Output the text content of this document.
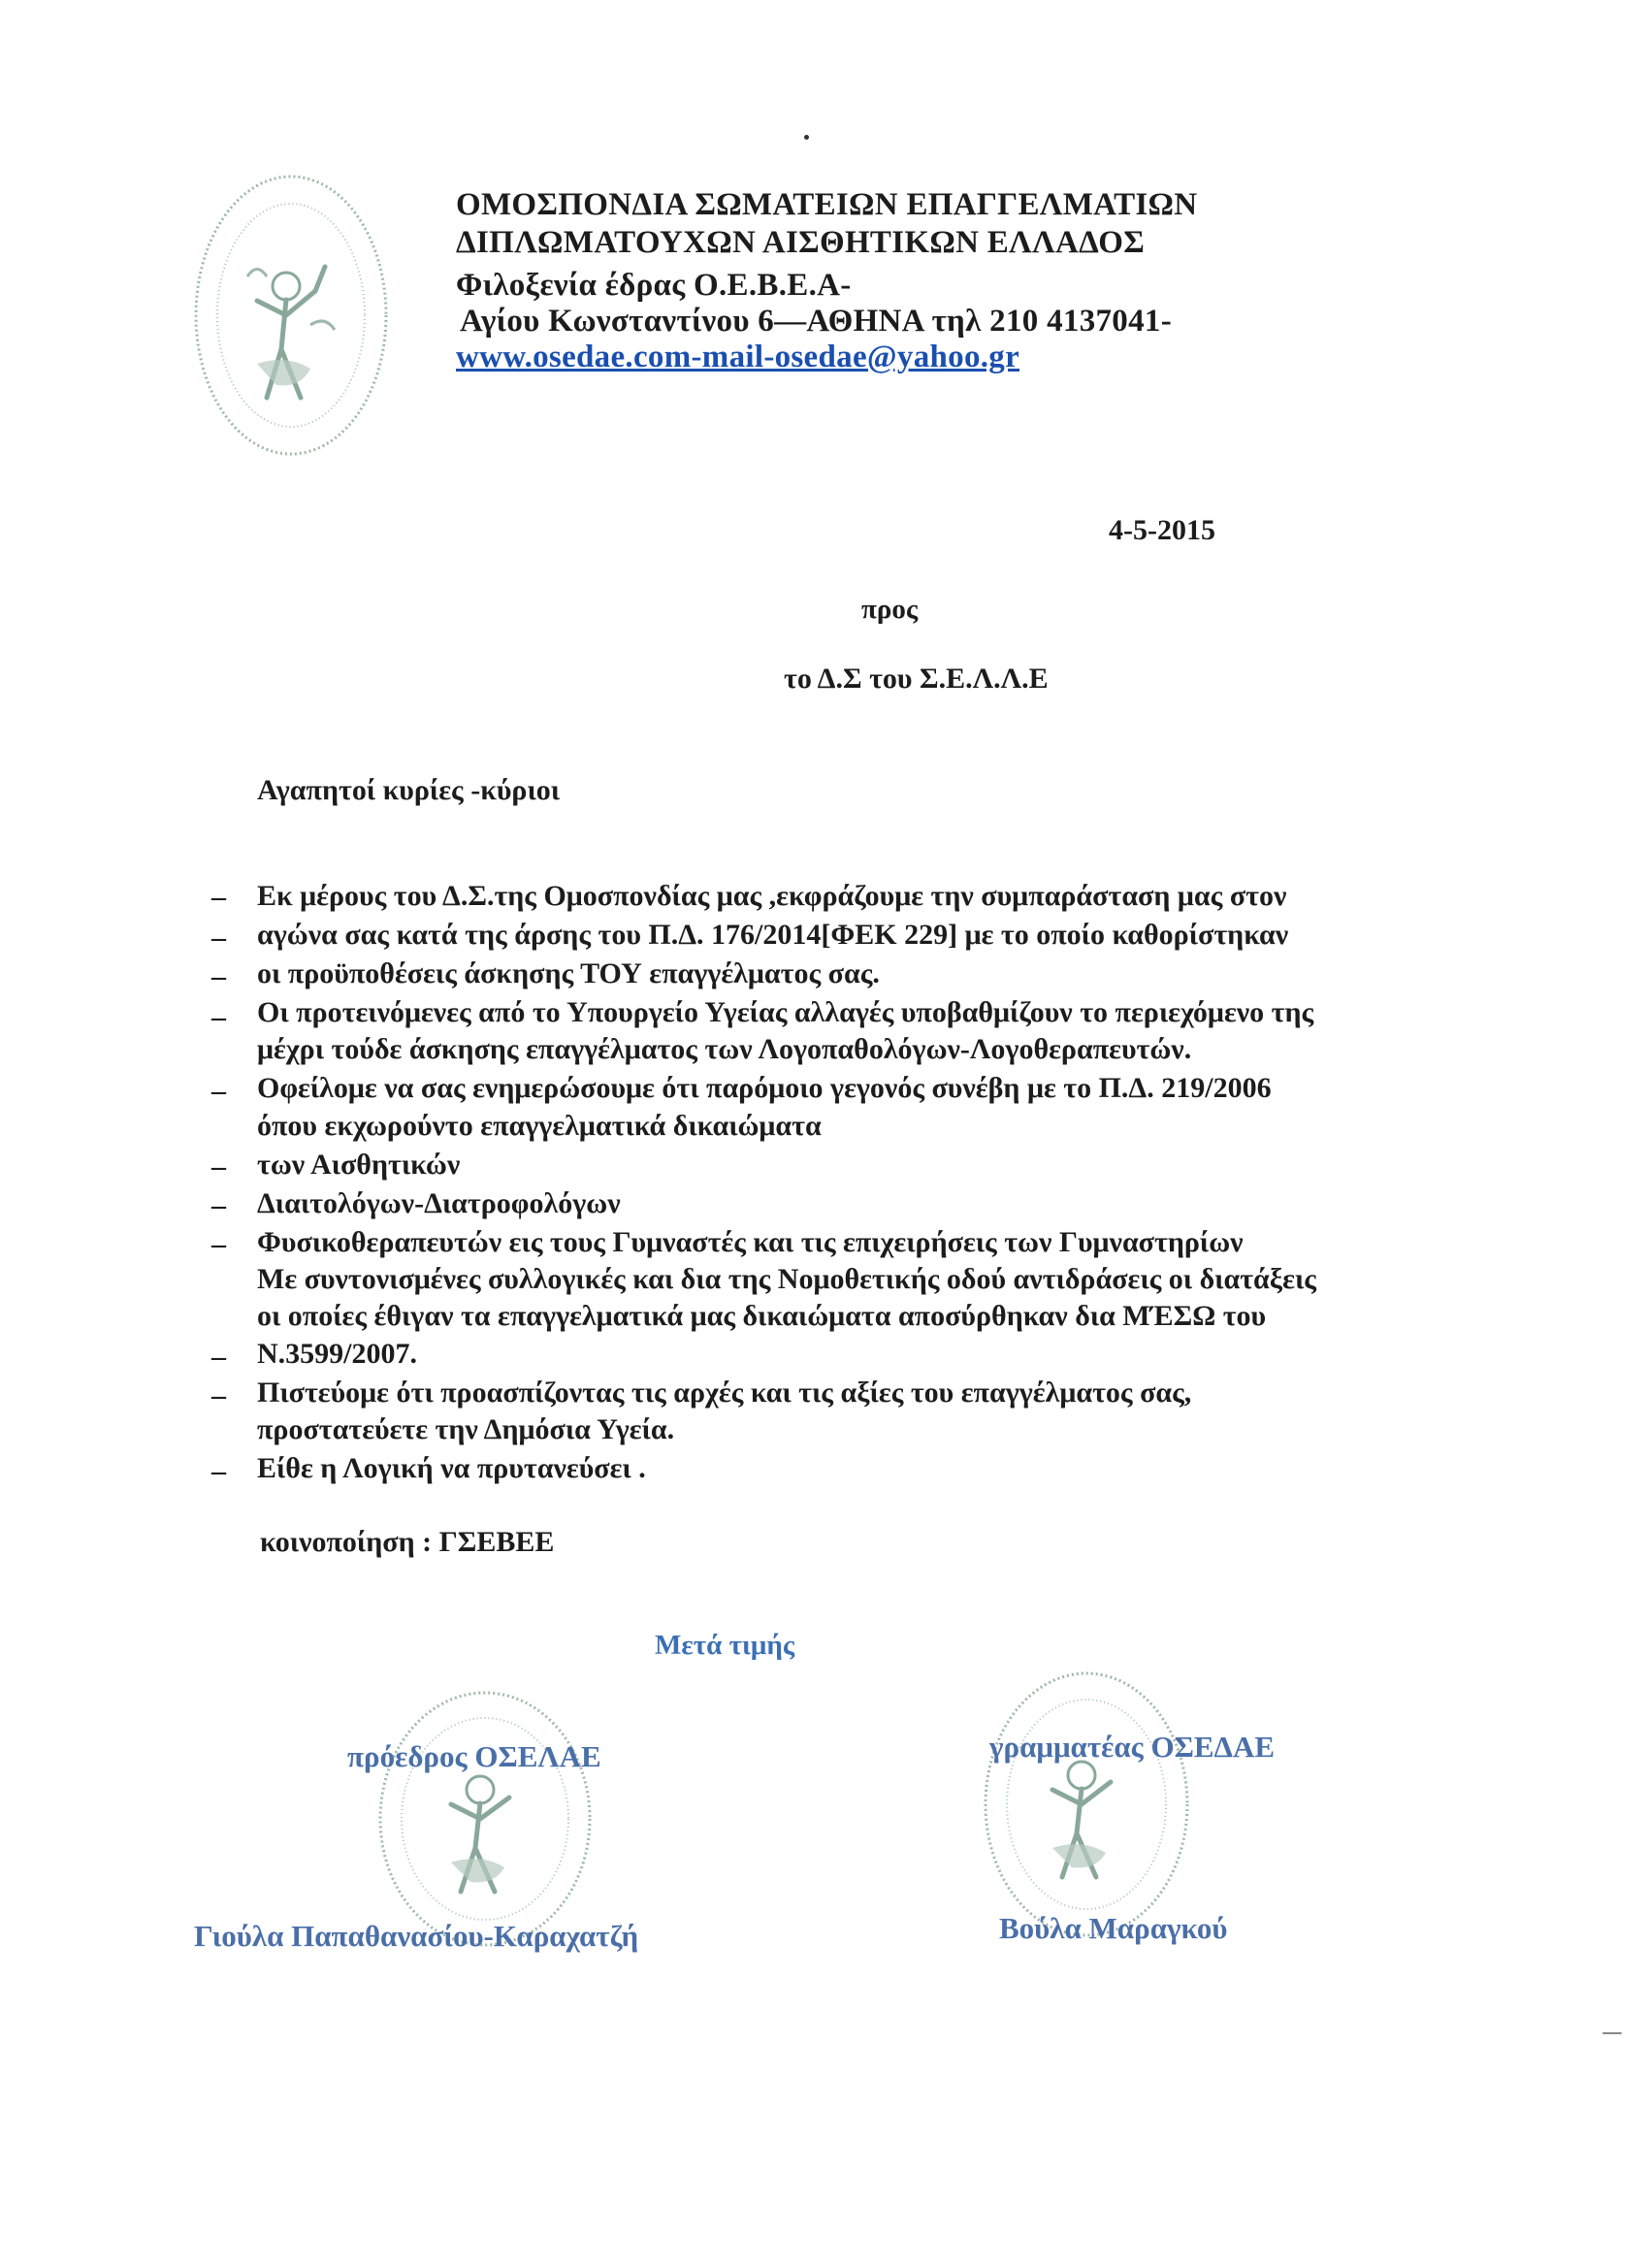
ΟΜΟΣΠΟΝΔΙΑ ΣΩΜΑΤΕΙΩΝ ΕΠΑΓΓΕΛΜΑΤΙΩΝ
ΔΙΠΛΩΜΑΤΟΥΧΩΝ ΑΙΣΘΗΤΙΚΩΝ ΕΛΛΑΔΟΣ
Φιλοξενία έδρας Ο.Ε.Β.Ε.Α-
Αγίου Κωνσταντίνου 6—ΑΘΗΝΑ τηλ 210 4137041-
www.osedae.com-mail-osedae@yahoo.gr
4-5-2015
προς
το Δ.Σ του Σ.Ε.Λ.Λ.Ε
Αγαπητοί κυρίες -κύριοι
– Εκ μέρους του Δ.Σ.της Ομοσπονδίας μας ,εκφράζουμε την συμπαράσταση μας στον
– αγώνα σας κατά της άρσης του Π.Δ. 176/2014[ΦΕΚ 229] με το οποίο καθορίστηκαν
– οι προϋποθέσεις άσκησης ΤΟΥ επαγγέλματος σας.
– Οι προτεινόμενες από το Υπουργείο Υγείας αλλαγές υποβαθμίζουν το περιεχόμενο της
μέχρι τούδε άσκησης επαγγέλματος των Λογοπαθολόγων-Λογοθεραπευτών.
– Οφείλομε να σας ενημερώσουμε ότι παρόμοιο γεγονός συνέβη με το Π.Δ. 219/2006
όπου εκχωρούντο επαγγελματικά δικαιώματα
– των Αισθητικών
– Διαιτολόγων-Διατροφολόγων
– Φυσικοθεραπευτών εις τους Γυμναστές και τις επιχειρήσεις των Γυμναστηρίων
Με συντονισμένες συλλογικές και δια της Νομοθετικής οδού αντιδράσεις οι διατάξεις
οι οποίες έθιγαν τα επαγγελματικά μας δικαιώματα αποσύρθηκαν δια ΜΈΣΩ του
– Ν.3599/2007.
– Πιστεύομε ότι προασπίζοντας τις αρχές και τις αξίες του επαγγέλματος σας,
προστατεύετε την Δημόσια Υγεία.
– Είθε η Λογική να πρυτανεύσει .
κοινοποίηση : ΓΣΕΒΕΕ
Μετά τιμής
πρόεδρος ΟΣΕΛΑΕ
Γιούλα Παπαθανασίου-Καραχατζή
γραμματέας ΟΣΕΔΑΕ
Βούλα Μαραγκού
